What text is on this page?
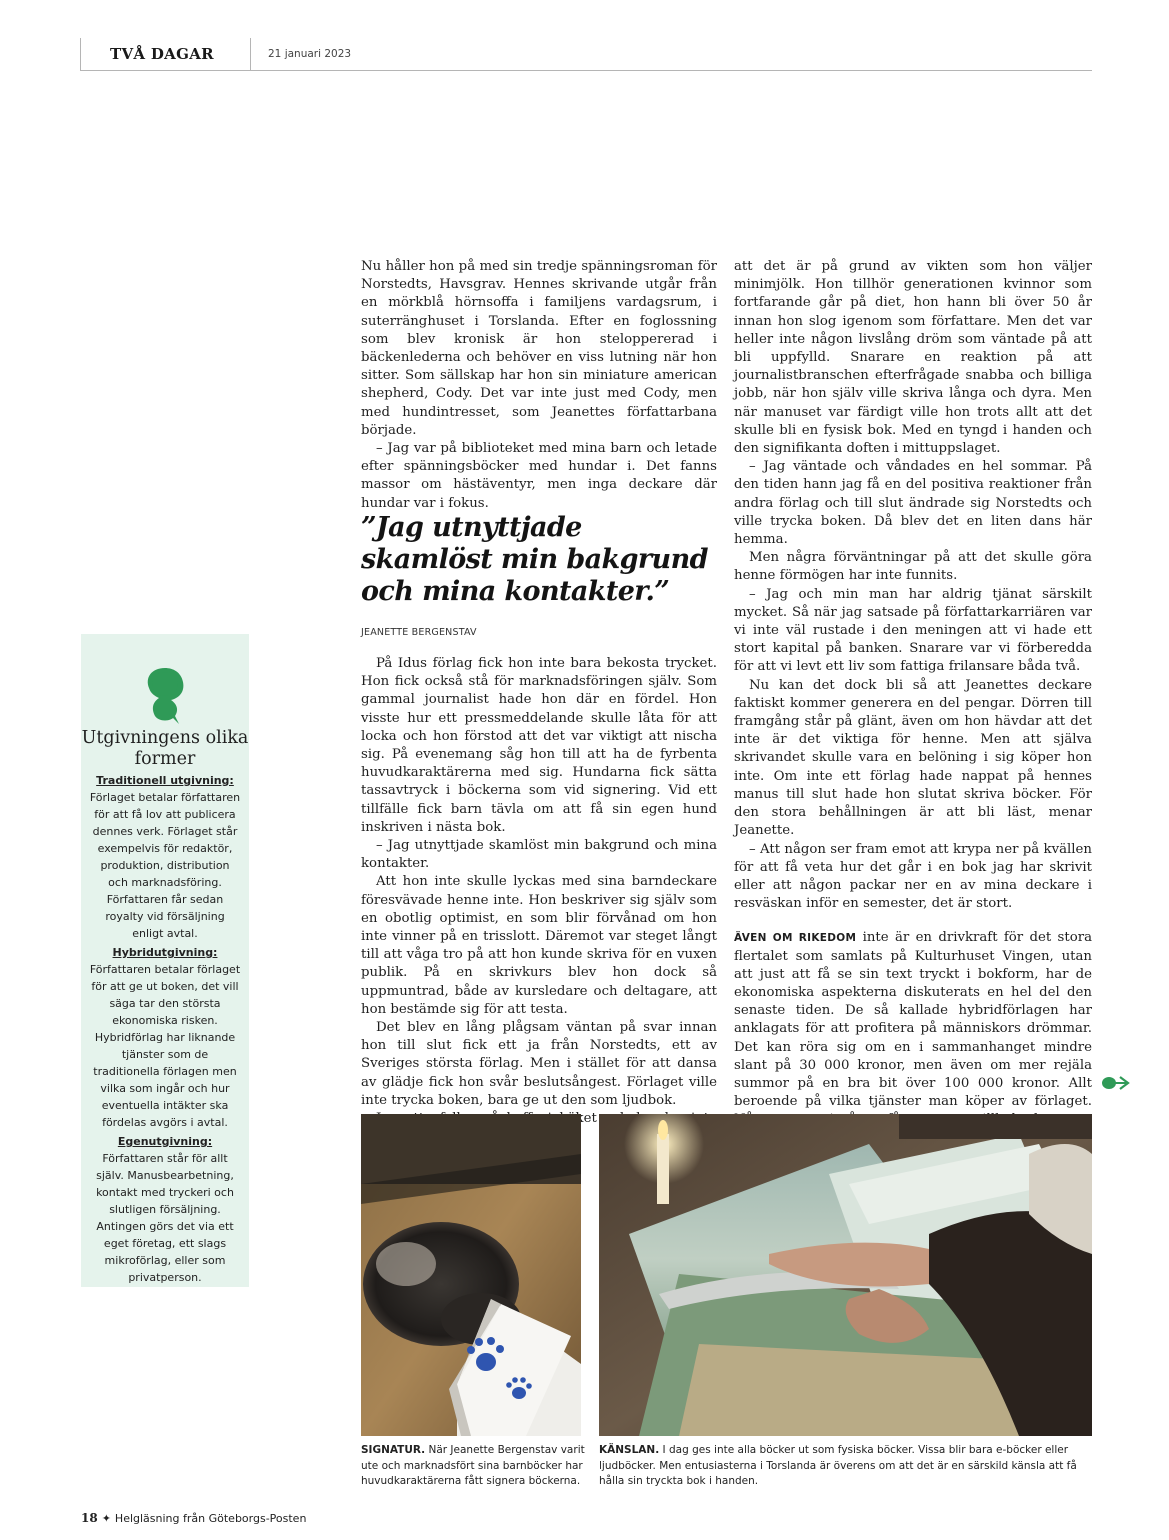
TVÅ DAGAR	21 januari 2023

Nu håller hon på med sin tredje spänningsroman för Norstedts, Havsgrav. Hennes skrivande utgår från en mörkblå hörnsoffa i familjens vardagsrum, i suterränghuset i Torslanda. Efter en foglossning som blev kronisk är hon steloppererad i bäckenlederna och behöver en viss lutning när hon sitter. Som sällskap har hon sin miniature american shepherd, Cody. Det var inte just med Cody, men med hundintresset, som Jeanettes författarbana började.

– Jag var på biblioteket med mina barn och letade efter spänningsböcker med hundar i. Det fanns massor om hästäventyr, men inga deckare där hundar var i fokus.

”Jag utnyttjade skamlöst min bakgrund och mina kontakter.”
JEANETTE BERGENSTAV

På Idus förlag fick hon inte bara bekosta trycket. Hon fick också stå för marknadsföringen själv. Som gammal journalist hade hon där en fördel. Hon visste hur ett pressmeddelande skulle låta för att locka och hon förstod att det var viktigt att nischa sig. På evenemang såg hon till att ha de fyrbenta huvudkaraktärerna med sig. Hundarna fick sätta tassavtryck i böckerna som vid signering. Vid ett tillfälle fick barn tävla om att få sin egen hund inskriven i nästa bok.

– Jag utnyttjade skamlöst min bakgrund och mina kontakter.

Att hon inte skulle lyckas med sina barndeckare föresvävade henne inte. Hon beskriver sig själv som en obotlig optimist, en som blir förvånad om hon inte vinner på en trisslott. Däremot var steget långt till att våga tro på att hon kunde skriva för en vuxen publik. På en skrivkurs blev hon dock så uppmuntrad, både av kursledare och deltagare, att hon bestämde sig för att testa.

Det blev en lång plågsam väntan på svar innan hon till slut fick ett ja från Norstedts, ett av Sveriges största förlag. Men i stället för att dansa av glädje fick hon svår beslutsångest. Förlaget ville inte trycka boken, bara ge ut den som ljudbok.

att det är på grund av vikten som hon väljer minimjölk. Hon tillhör generationen kvinnor som fortfarande går på diet, hon hann bli över 50 år innan hon slog igenom som författare. Men det var heller inte någon livslång dröm som väntade på att bli uppfylld. Snarare en reaktion på att journalistbranschen efterfrågade snabba och billiga jobb, när hon själv ville skriva långa och dyra. Men när manuset var färdigt ville hon trots allt att det skulle bli en fysisk bok. Med en tyngd i handen och den signifikanta doften i mittuppslaget.

– Jag väntade och våndades en hel sommar. På den tiden hann jag få en del positiva reaktioner från andra förlag och till slut ändrade sig Norstedts och ville trycka boken. Då blev det en liten dans här hemma.

Men några förväntningar på att det skulle göra henne förmögen har inte funnits.

– Jag och min man har aldrig tjänat särskilt mycket. Så när jag satsade på författarkarriären var vi inte väl rustade i den meningen att vi hade ett stort kapital på banken. Snarare var vi förberedda för att vi levt ett liv som fattiga frilansare båda två.

Nu kan det dock bli så att Jeanettes deckare faktiskt kommer generera en del pengar. Dörren till framgång står på glänt, även om hon hävdar att det inte är det viktiga för henne. Men att själva skrivandet skulle vara en belöning i sig köper hon inte. Om inte ett förlag hade nappat på hennes manus till slut hade hon slutat skriva böcker. För den stora behållningen är att bli läst, menar Jeanette.

– Att någon ser fram emot att krypa ner på kvällen för att få veta hur det går i en bok jag har skrivit eller att någon packar ner en av mina deckare i resväskan inför en semester, det är stort.

ÄVEN OM RIKEDOM inte är en drivkraft för det stora flertalet som samlats på Kulturhuset Vingen, utan att just att få se sin text tryckt i bokform, har de ekonomiska aspekterna diskuterats en hel del den senaste tiden. De så kallade hybridförlagen har anklagats för att profitera på människors drömmar. Det kan röra sig om en i sammanhanget mindre slant på 30 000 kronor, men även om mer rejäla summor på en bra bit över 100 000 kronor. Allt beroende på vilka tjänster man köper av förlaget.

Utgivningens olika former

Traditionell utgivning: Förlaget betalar författaren för att få lov att publicera dennes verk. Förlaget står exempelvis för redaktör, produktion, distribution och marknadsföring. Författaren får sedan royalty vid försäljning enligt avtal.

Hybridutgivning: Författaren betalar förlaget för att ge ut boken, det vill säga tar den största ekonomiska risken. Hybridförlag har liknande tjänster som de traditionella förlagen men vilka som ingår och hur eventuella intäkter ska fördelas avgörs i avtal.

Egenutgivning: Författaren står för allt själv. Manusbearbetning, kontakt med tryckeri och slutligen försäljning. Antingen görs det via ett eget företag, ett slags mikroförlag, eller som privatperson.

SIGNATUR. När Jeanette Bergenstav varit ute och marknadsfört sina barnböcker har huvudkaraktärerna fått signera böckerna.
KÄNSLAN. I dag ges inte alla böcker ut som fysiska böcker. Vissa blir bara e-böcker eller ljudböcker. Men entusiasterna i Torslanda är överens om att det är en särskild känsla att få hålla sin tryckta bok i handen.
18 ✦ Helgläsning från Göteborgs-Posten
